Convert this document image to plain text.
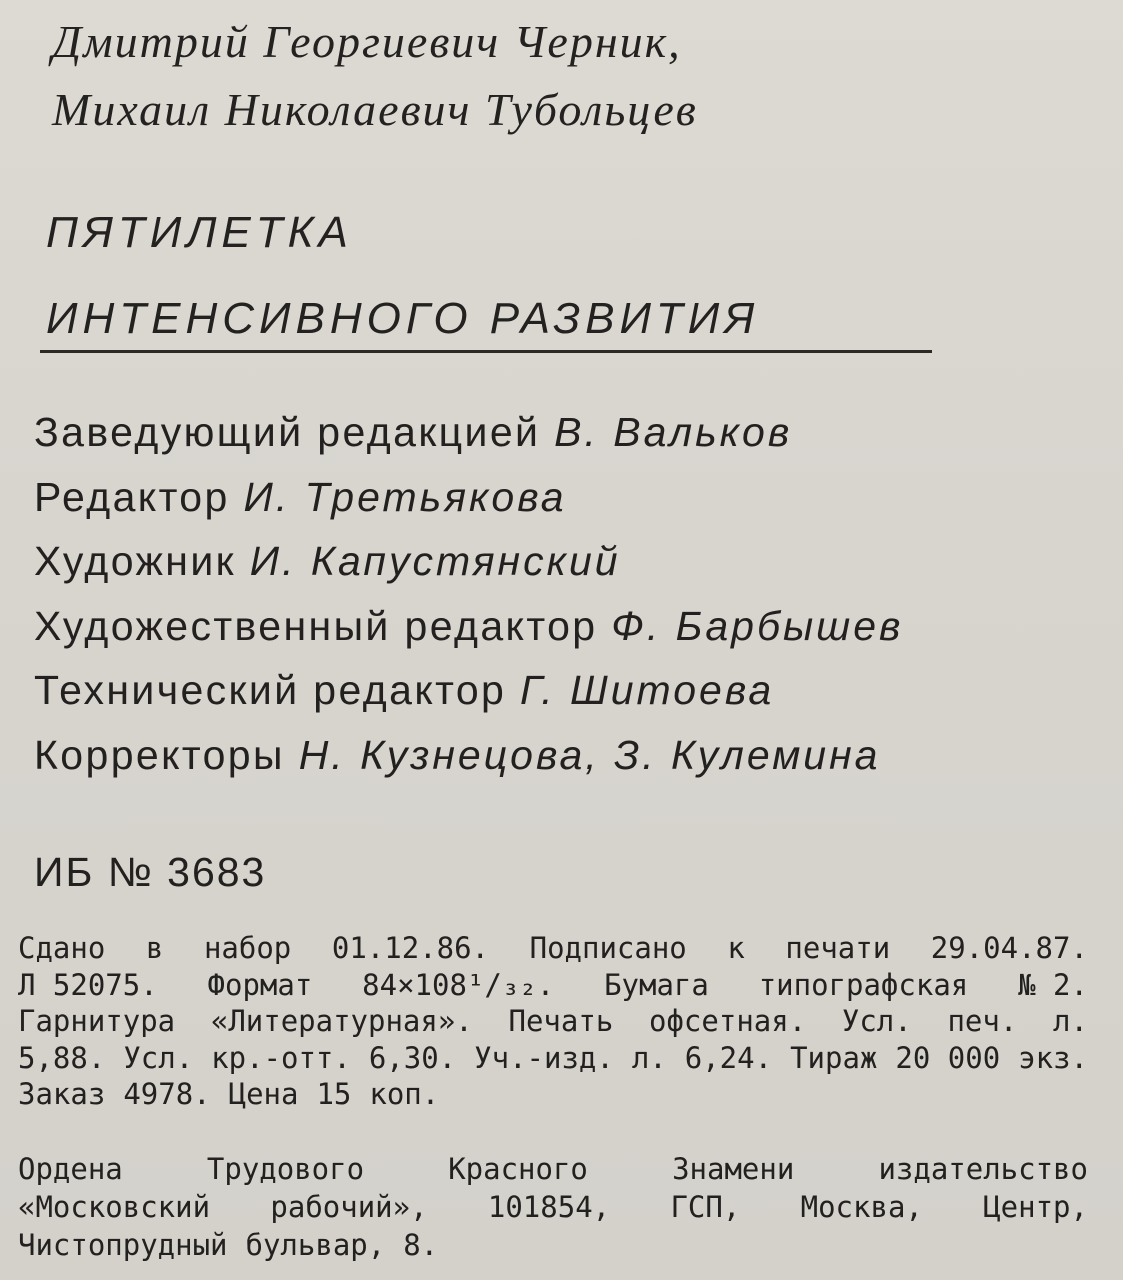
Дмитрий Георгиевич Черник,
Михаил Николаевич Тубольцев
ПЯТИЛЕТКА
ИНТЕНСИВНОГО РАЗВИТИЯ
Заведующий редакцией В. Вальков
Редактор И. Третьякова
Художник И. Капустянский
Художественный редактор Ф. Барбышев
Технический редактор Г. Шитоева
Корректоры Н. Кузнецова, З. Кулемина
ИБ № 3683
Сдано в набор 01.12.86. Подписано к печати 29.04.87.
Л 52075. Формат 84×108¹/₃₂. Бумага типографская № 2.
Гарнитура «Литературная». Печать офсетная. Усл. печ. л.
5,88. Усл. кр.-отт. 6,30. Уч.-изд. л. 6,24. Тираж 20 000 экз.
Заказ 4978. Цена 15 коп.
Ордена	Трудового	Красного	Знамени	издательство
«Московский рабочий», 101854, ГСП, Москва, Центр,
Чистопрудный бульвар, 8.
